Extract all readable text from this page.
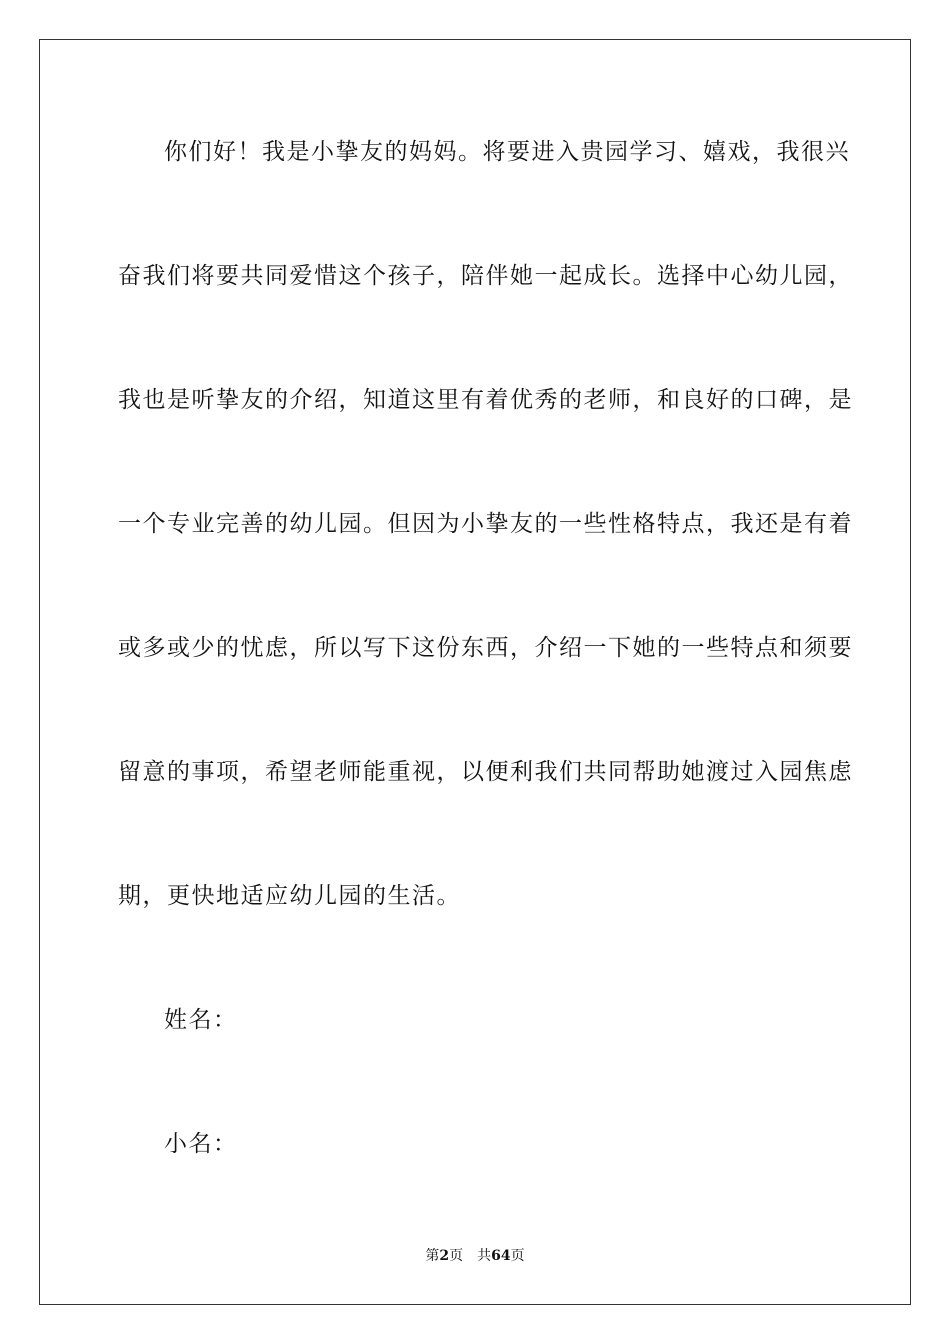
你们好！我是小挚友的妈妈。将要进入贵园学习、嬉戏，我很兴
奋我们将要共同爱惜这个孩子，陪伴她一起成长。选择中心幼儿园，
我也是听挚友的介绍，知道这里有着优秀的老师，和良好的口碑，是
一个专业完善的幼儿园。但因为小挚友的一些性格特点，我还是有着
或多或少的忧虑，所以写下这份东西，介绍一下她的一些特点和须要
留意的事项，希望老师能重视，以便利我们共同帮助她渡过入园焦虑
期，更快地适应幼儿园的生活。
姓名：
小名：
第2页 共64页
